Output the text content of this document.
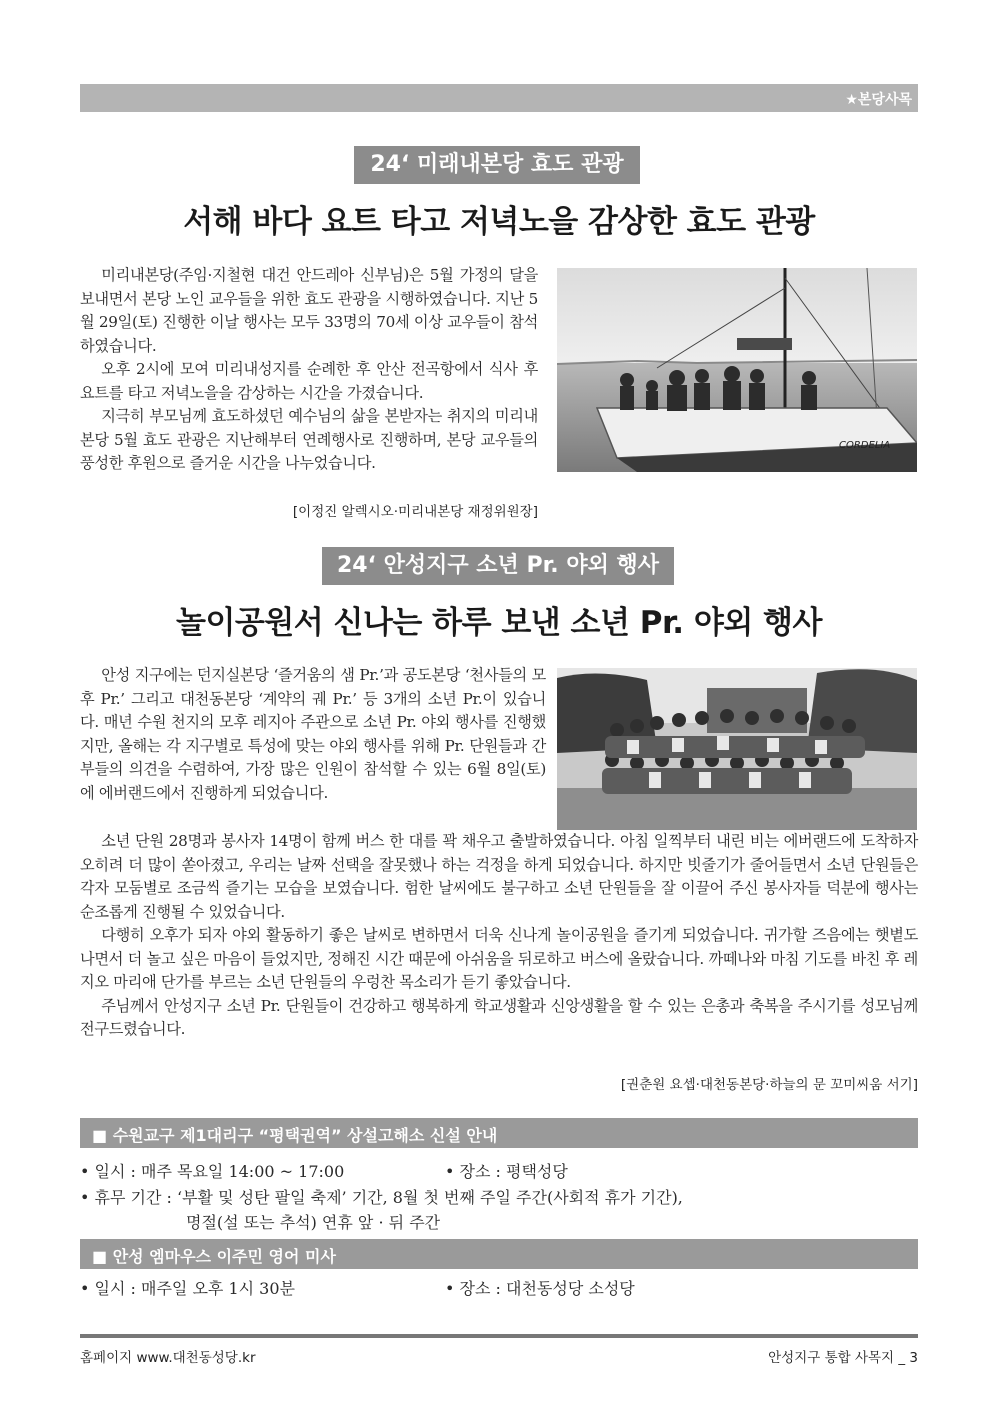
★본당사목
24‘ 미래내본당 효도 관광
서해 바다 요트 타고 저녁노을 감상한 효도 관광

미리내본당(주임·지철현 대건 안드레아 신부님)은 5월 가정의 달을 보내면서 본당 노인 교우들을 위한 효도 관광을 시행하였습니다. 지난 5월 29일(토) 진행한 이날 행사는 모두 33명의 70세 이상 교우들이 참석하였습니다.

오후 2시에 모여 미리내성지를 순례한 후 안산 전곡항에서 식사 후 요트를 타고 저녁노을을 감상하는 시간을 가졌습니다.

지극히 부모님께 효도하셨던 예수님의 삶을 본받자는 취지의 미리내본당 5월 효도 관광은 지난해부터 연례행사로 진행하며, 본당 교우들의 풍성한 후원으로 즐거운 시간을 나누었습니다.

[이정진 알렉시오·미리내본당 재정위원장]
CORDELIA
24‘ 안성지구 소년 Pr. 야외 행사
놀이공원서 신나는 하루 보낸 소년 Pr. 야외 행사

안성 지구에는 던지실본당 ‘즐거움의 샘 Pr.’과 공도본당 ‘천사들의 모후 Pr.’ 그리고 대천동본당 ‘계약의 궤 Pr.’ 등 3개의 소년 Pr.이 있습니다. 매년 수원 천지의 모후 레지아 주관으로 소년 Pr. 야외 행사를 진행했지만, 올해는 각 지구별로 특성에 맞는 야외 행사를 위해 Pr. 단원들과 간부들의 의견을 수렴하여, 가장 많은 인원이 참석할 수 있는 6월 8일(토)에 에버랜드에서 진행하게 되었습니다.

소년 단원 28명과 봉사자 14명이 함께 버스 한 대를 꽉 채우고 출발하였습니다. 아침 일찍부터 내린 비는 에버랜드에 도착하자 오히려 더 많이 쏟아졌고, 우리는 날짜 선택을 잘못했나 하는 걱정을 하게 되었습니다. 하지만 빗줄기가 줄어들면서 소년 단원들은 각자 모둠별로 조금씩 즐기는 모습을 보였습니다. 험한 날씨에도 불구하고 소년 단원들을 잘 이끌어 주신 봉사자들 덕분에 행사는 순조롭게 진행될 수 있었습니다.

다행히 오후가 되자 야외 활동하기 좋은 날씨로 변하면서 더욱 신나게 놀이공원을 즐기게 되었습니다. 귀가할 즈음에는 햇볕도 나면서 더 놀고 싶은 마음이 들었지만, 정해진 시간 때문에 아쉬움을 뒤로하고 버스에 올랐습니다. 까떼나와 마침 기도를 바친 후 레지오 마리애 단가를 부르는 소년 단원들의 우렁찬 목소리가 듣기 좋았습니다.

주님께서 안성지구 소년 Pr. 단원들이 건강하고 행복하게 학교생활과 신앙생활을 할 수 있는 은총과 축복을 주시기를 성모님께 전구드렸습니다.

[권춘원 요셉·대천동본당·하늘의 문 꼬미씨움 서기]
■ 수원교구 제1대리구 “평택권역” 상설고해소 신설 안내
• 일시 : 매주 목요일 14:00 ~ 17:00	• 장소 : 평택성당
• 휴무 기간 : ‘부활 및 성탄 팔일 축제’ 기간, 8월 첫 번째 주일 주간(사회적 휴가 기간),
명절(설 또는 추석) 연휴 앞 · 뒤 주간
■ 안성 엠마우스 이주민 영어 미사
• 일시 : 매주일 오후 1시 30분	• 장소 : 대천동성당 소성당
홈페이지 www.대천동성당.kr	안성지구 통합 사목지 _ 3
